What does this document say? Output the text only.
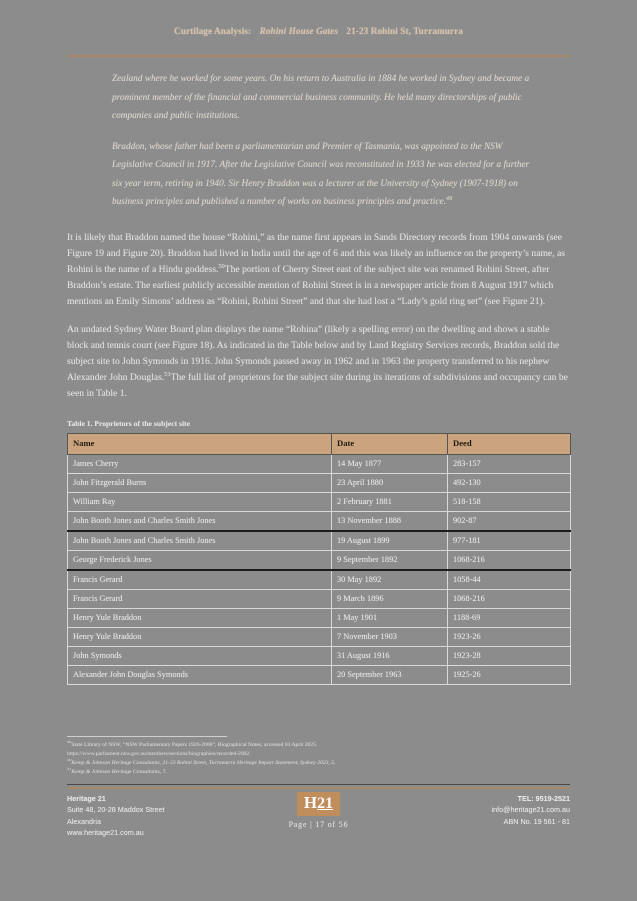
Curtilage Analysis: Rohini House Gates 21-23 Rohini St, Turramurra

Zealand where he worked for some years. On his return to Australia in 1884 he worked in Sydney and became a prominent member of the financial and commercial business community. He held many directorships of public companies and public institutions.

Braddon, whose father had been a parliamentarian and Premier of Tasmania, was appointed to the NSW Legislative Council in 1917. After the Legislative Council was reconstituted in 1933 he was elected for a further six year term, retiring in 1940. Sir Henry Braddon was a lecturer at the University of Sydney (1907-1918) on business principles and published a number of works on business principles and practice.$^{48}$

It is likely that Braddon named the house “Rohini,” as the name first appears in Sands Directory records from 1904 onwards (see Figure 19 and Figure 20). Braddon had lived in India until the age of 6 and this was likely an influence on the property’s name, as Rohini is the name of a Hindu goddess.$^{50}$The portion of Cherry Street east of the subject site was renamed Rohini Street, after Braddon’s estate. The earliest publicly accessible mention of Rohini Street is in a newspaper article from 8 August 1917 which mentions an Emily Simons’ address as “Rohini, Rohini Street” and that she had lost a “Lady’s gold ring set” (see Figure 21).

An undated Sydney Water Board plan displays the name “Rohina” (likely a spelling error) on the dwelling and shows a stable block and tennis court (see Figure 18). As indicated in the Table below and by Land Registry Services records, Braddon sold the subject site to John Symonds in 1916. John Symonds passed away in 1962 and in 1963 the property transferred to his nephew Alexander John Douglas.$^{51}$The full list of proprietors for the subject site during its iterations of subdivisions and occupancy can be seen in Table 1.

Table 1. Proprietors of the subject site
Name	Date	Deed
James Cherry	14 May 1877	283-157
John Fitzgerald Burns	23 April 1880	492-130
William Ray	2 February 1881	518-158
John Booth Jones and Charles Smith Jones	13 November 1888	902-87
John Booth Jones and Charles Smith Jones	19 August 1899	977-181
George Frederick Jones	9 September 1892	1068-216
Francis Gerard	30 May 1892	1058-44
Francis Gerard	9 March 1896	1068-216
Henry Yule Braddon	1 May 1901	1188-69
Henry Yule Braddon	7 November 1903	1923-26
John Symonds	31 August 1916	1923-28
Alexander John Douglas Symonds	20 September 1963	1925-26
$^{48}$State Library of NSW, “NSW Parliamentary Papers 1926-2006”, Biographical Notes, accessed 03 April 2025.
https://www.parliament.nsw.gov.au/members/sections/biographies/recorded-2002.
$^{50}$Kemp & Johnson Heritage Consultants, 21-23 Rohini Street, Turramurra Heritage Impact Statement, Sydney 2023, 5.
$^{51}$Kemp & Johnson Heritage Consultants, 7.
Heritage 21
Suite 48, 20-28 Maddox Street
Alexandria
www.heritage21.com.au
H21
Page | 17 of 56
TEL: 9519-2521
info@heritage21.com.au
ABN No. 19 561 - 81
